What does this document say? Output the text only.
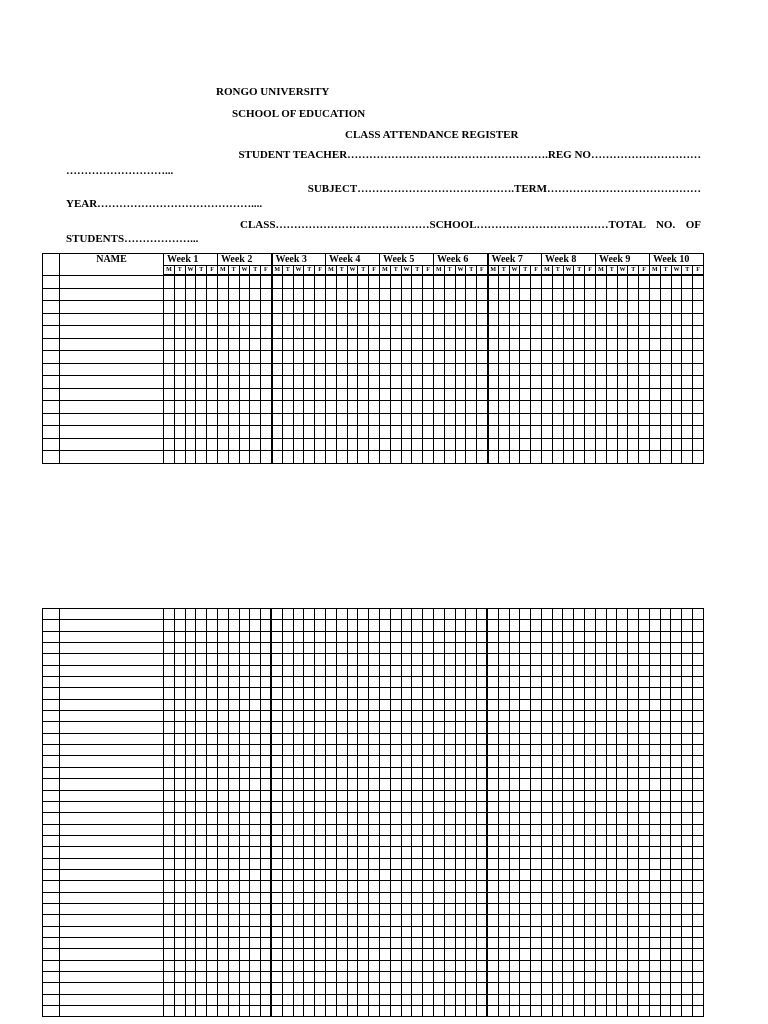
RONGO UNIVERSITY
SCHOOL OF EDUCATION
CLASS ATTENDANCE REGISTER
STUDENT TEACHER……………………………………………….REG NO…………………………
………………………...
SUBJECT…………………………………….TERM……………………………………
YEAR……………………………………....
CLASS……………………………………SCHOOL………………………………TOTAL NO. OF
STUDENTS………………...
	NAME	Week 1					Week 2					Week 3					Week 4					Week 5					Week 6					Week 7					Week 8					Week 9					Week 10				
		M	T	W	T	F	M	T	W	T	F	M	T	W	T	F	M	T	W	T	F	M	T	W	T	F	M	T	W	T	F	M	T	W	T	F	M	T	W	T	F	M	T	W	T	F	M	T	W	T	F
